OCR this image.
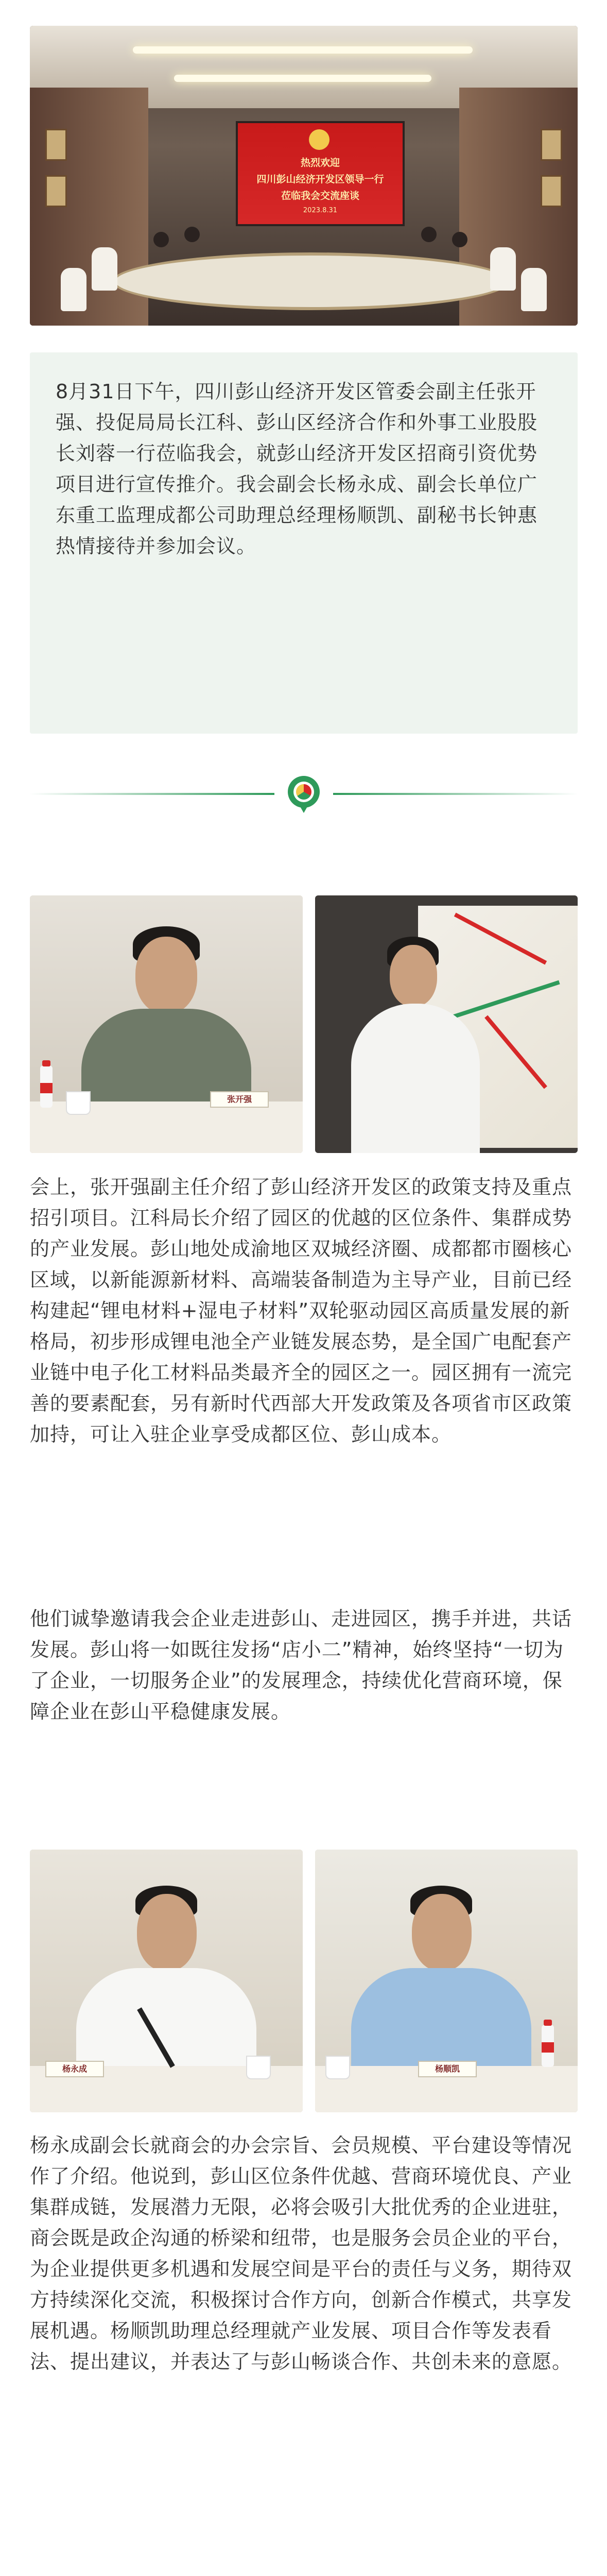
热烈欢迎
四川彭山经济开发区领导一行
莅临我会交流座谈
2023.8.31

8月31日下午，四川彭山经济开发区管委会副主任张开强、投促局局长江科、彭山区经济合作和外事工业股股长刘蓉一行莅临我会，就彭山经济开发区招商引资优势项目进行宣传推介。我会副会长杨永成、副会长单位广东重工监理成都公司助理总经理杨顺凯、副秘书长钟惠热情接待并参加会议。

张开强

会上，张开强副主任介绍了彭山经济开发区的政策支持及重点招引项目。江科局长介绍了园区的优越的区位条件、集群成势的产业发展。彭山地处成渝地区双城经济圈、成都都市圈核心区域，以新能源新材料、高端装备制造为主导产业，目前已经构建起“锂电材料+湿电子材料”双轮驱动园区高质量发展的新格局，初步形成锂电池全产业链发展态势，是全国广电配套产业链中电子化工材料品类最齐全的园区之一。园区拥有一流完善的要素配套，另有新时代西部大开发政策及各项省市区政策加持，可让入驻企业享受成都区位、彭山成本。

他们诚挚邀请我会企业走进彭山、走进园区，携手并进，共话发展。彭山将一如既往发扬“店小二”精神，始终坚持“一切为了企业，一切服务企业”的发展理念，持续优化营商环境，保障企业在彭山平稳健康发展。

杨永成	杨顺凯

杨永成副会长就商会的办会宗旨、会员规模、平台建设等情况作了介绍。他说到，彭山区位条件优越、营商环境优良、产业集群成链，发展潜力无限，必将会吸引大批优秀的企业进驻，商会既是政企沟通的桥梁和纽带，也是服务会员企业的平台，为企业提供更多机遇和发展空间是平台的责任与义务，期待双方持续深化交流，积极探讨合作方向，创新合作模式，共享发展机遇。杨顺凯助理总经理就产业发展、项目合作等发表看法、提出建议，并表达了与彭山畅谈合作、共创未来的意愿。
